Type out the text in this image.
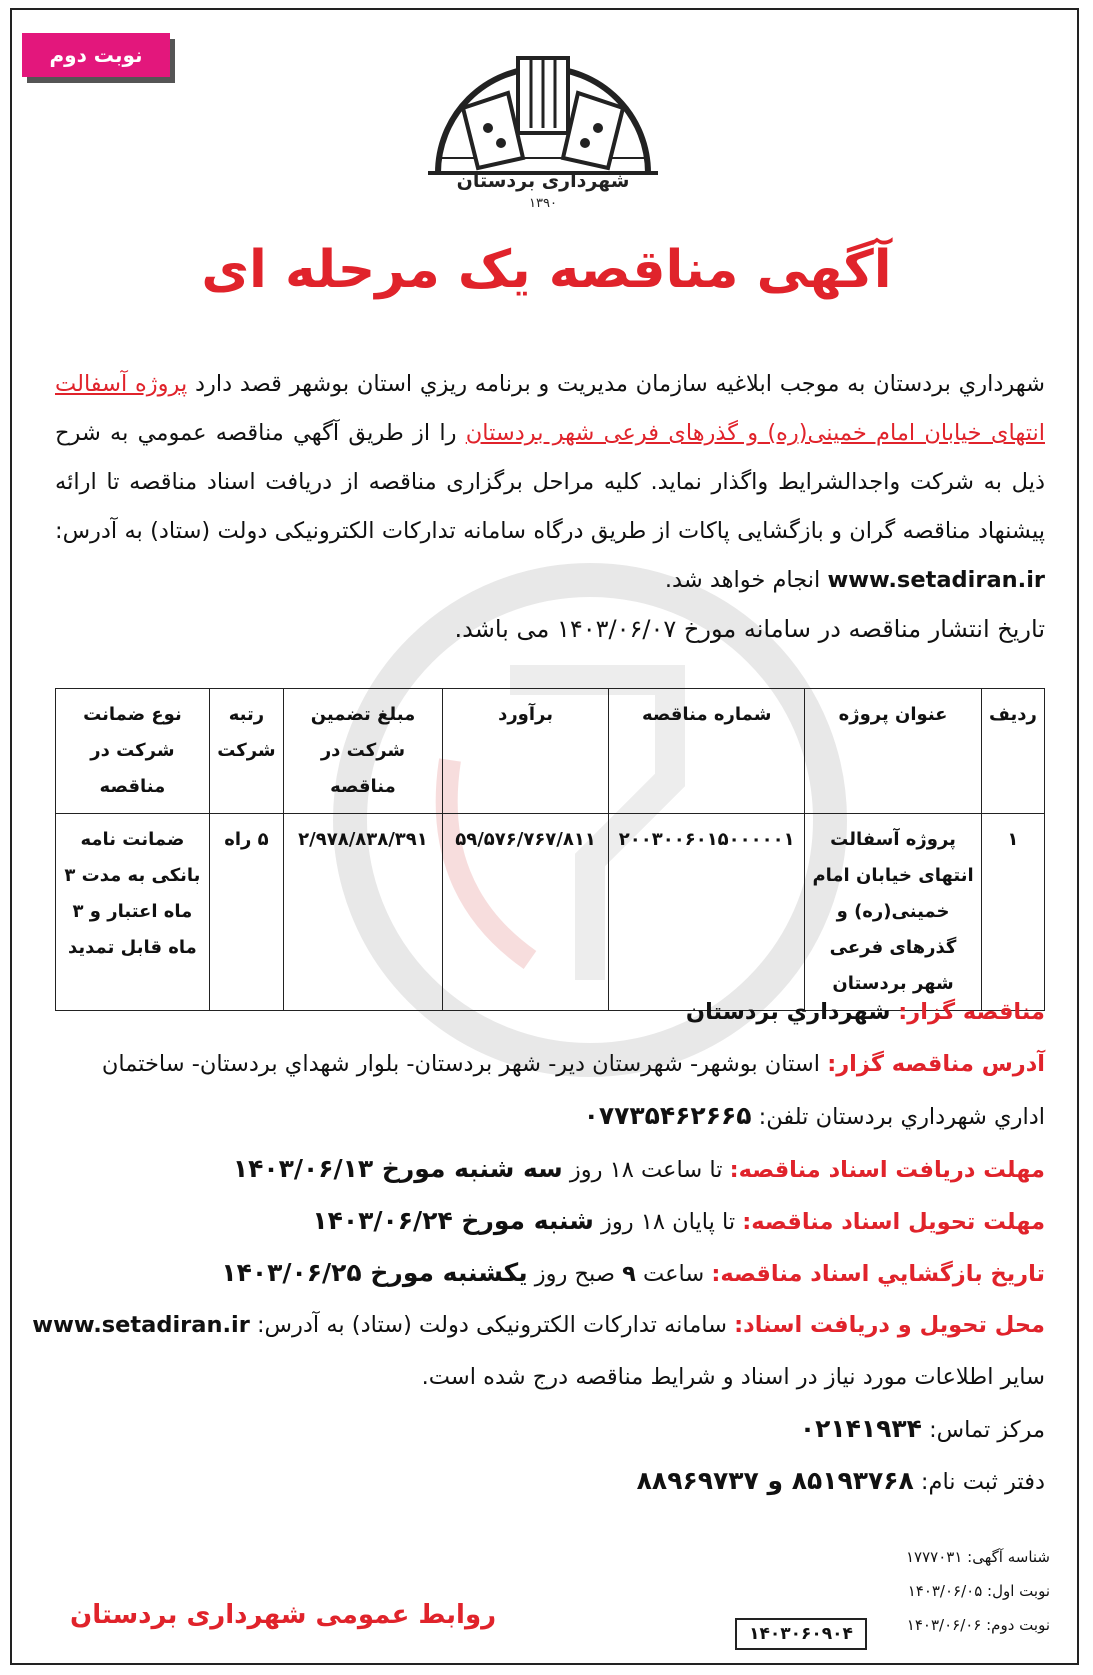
نوبت دوم
شهرداری بردستان
۱۳۹۰
آگهی مناقصه یک مرحله ای
شهرداري بردستان به موجب ابلاغیه سازمان مدیریت و برنامه ریزي استان بوشهر قصد دارد پروژه آسفالت انتهای خیابان امام خمینی(ره) و گذرهای فرعی شهر بردستان را از طریق آگهي مناقصه عمومي به شرح ذیل به شرکت واجدالشرایط واگذار نماید. کلیه مراحل برگزاری مناقصه از دریافت اسناد مناقصه تا ارائه پیشنهاد مناقصه گران و بازگشایی پاکات از طریق درگاه سامانه تدارکات الکترونیکی دولت (ستاد) به آدرس: www.setadiran.ir انجام خواهد شد.
تاریخ انتشار مناقصه در سامانه مورخ ۱۴۰۳/۰۶/۰۷ می باشد.
ردیف	عنوان پروژه	شماره مناقصه	برآورد	مبلغ تضمین شرکت در مناقصه	رتبه شرکت	نوع ضمانت شرکت در مناقصه
۱	پروژه آسفالت انتهای خیابان امام خمینی(ره) و گذرهای فرعی شهر بردستان	۲۰۰۳۰۰۶۰۱۵۰۰۰۰۰۱	۵۹/۵۷۶/۷۶۷/۸۱۱	۲/۹۷۸/۸۳۸/۳۹۱	۵ راه	ضمانت نامه بانکی به مدت ۳ ماه اعتبار و ۳ ماه قابل تمدید
مناقصه گزار: شهرداري بردستان
آدرس مناقصه گزار: استان بوشهر- شهرستان دیر- شهر بردستان- بلوار شهداي بردستان- ساختمان اداري شهرداري بردستان تلفن: ۰۷۷۳۵۴۶۲۶۶۵
مهلت دریافت اسناد مناقصه: تا ساعت ۱۸ روز سه شنبه مورخ ۱۴۰۳/۰۶/۱۳
مهلت تحویل اسناد مناقصه: تا پایان ۱۸ روز شنبه مورخ ۱۴۰۳/۰۶/۲۴
تاریخ بازگشايي اسناد مناقصه: ساعت ۹ صبح روز یکشنبه مورخ ۱۴۰۳/۰۶/۲۵
محل تحویل و دریافت اسناد: سامانه تدارکات الکترونیکی دولت (ستاد) به آدرس: www.setadiran.ir
سایر اطلاعات مورد نیاز در اسناد و شرایط مناقصه درج شده است.
مرکز تماس: ۰۲۱۴۱۹۳۴
دفتر ثبت نام: ۸۵۱۹۳۷۶۸ و ۸۸۹۶۹۷۳۷
شناسه آگهی: ۱۷۷۷۰۳۱
نوبت اول: ۱۴۰۳/۰۶/۰۵
نوبت دوم: ۱۴۰۳/۰۶/۰۶
۱۴۰۳۰۶۰۹۰۴
روابط عمومی شهرداری بردستان
